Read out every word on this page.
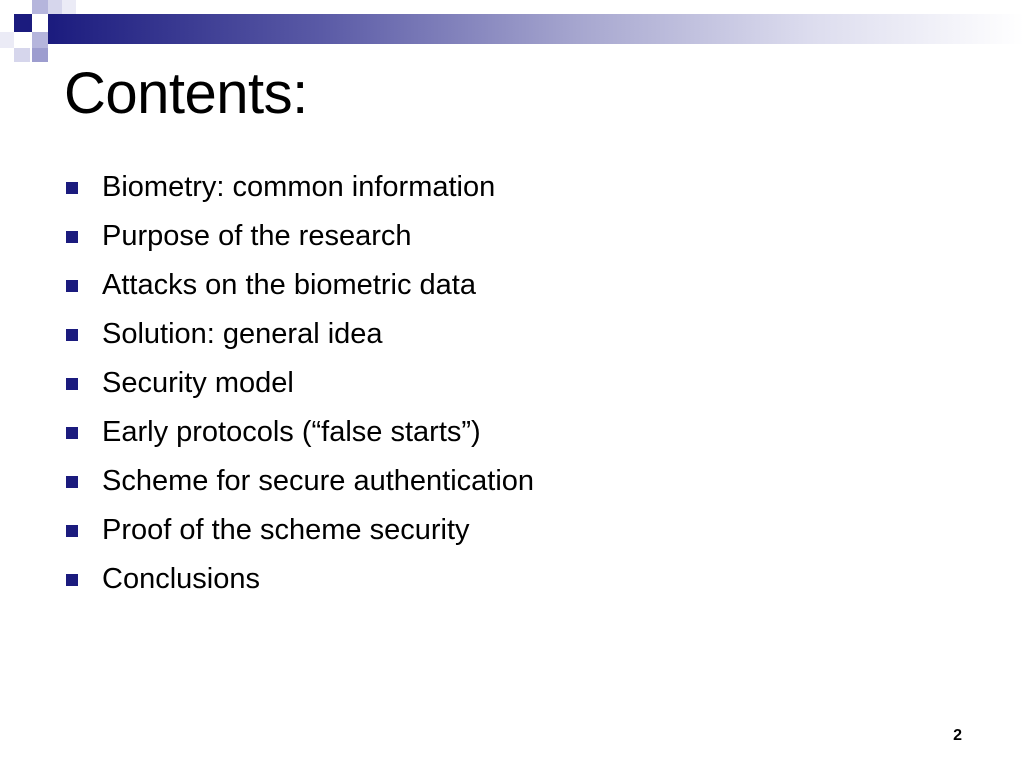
Contents:
Biometry: common information
Purpose of the research
Attacks on the biometric data
Solution: general idea
Security model
Early protocols (“false starts”)
Scheme for secure authentication
Proof of the scheme security
Conclusions
2
